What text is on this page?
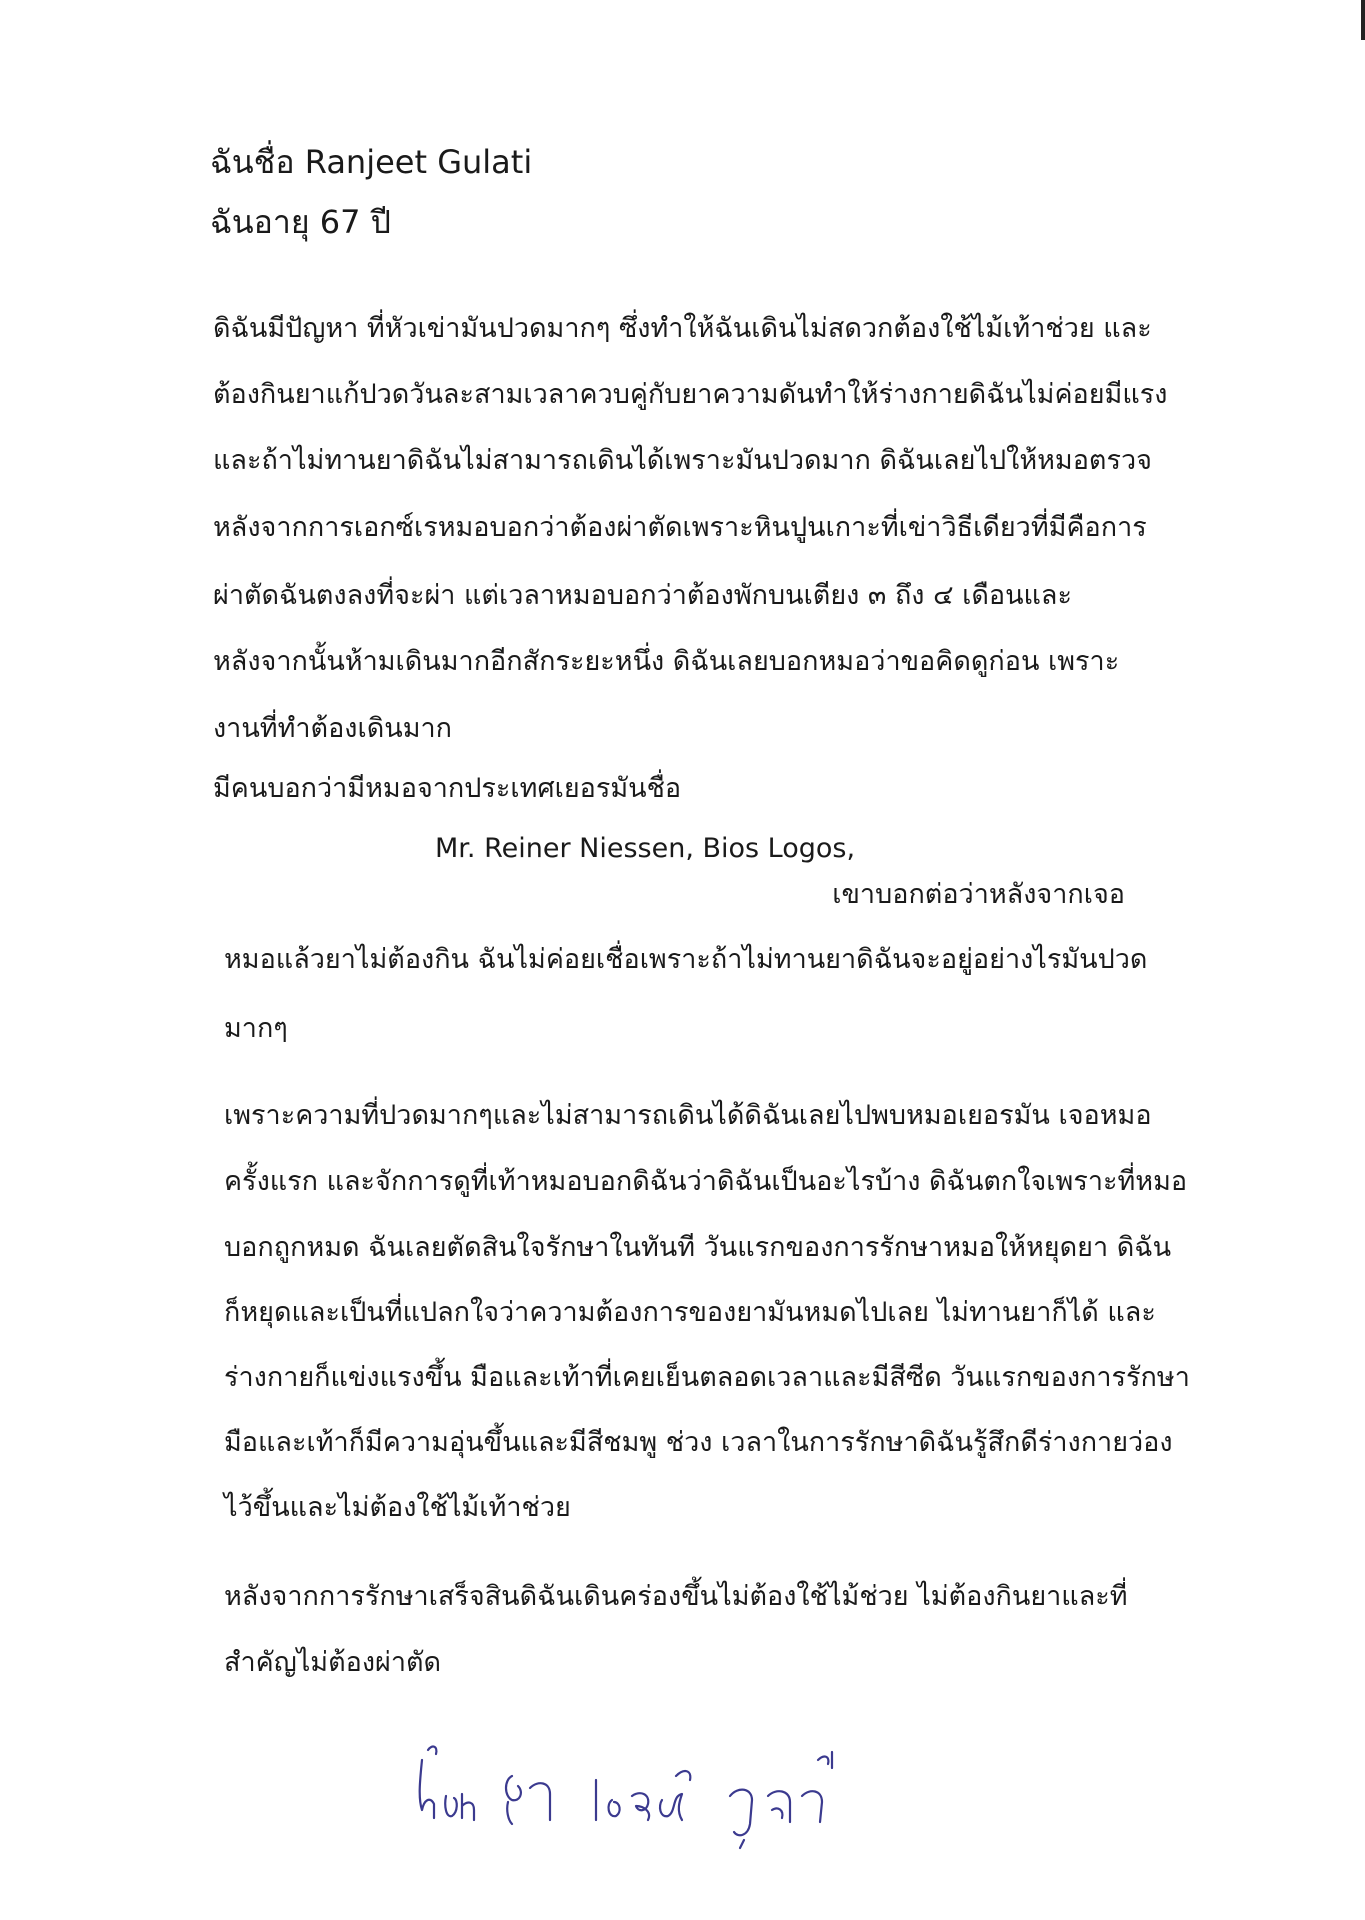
ฉันชื่อ Ranjeet Gulati
ฉันอายุ 67 ปี
ดิฉันมีปัญหา ที่หัวเข่ามันปวดมากๆ ซึ่งทำให้ฉันเดินไม่สดวกต้องใช้ไม้เท้าช่วย และ
ต้องกินยาแก้ปวดวันละสามเวลาควบคู่กับยาความดันทำให้ร่างกายดิฉันไม่ค่อยมีแรง
และถ้าไม่ทานยาดิฉันไม่สามารถเดินได้เพราะมันปวดมาก ดิฉันเลยไปให้หมอตรวจ
หลังจากการเอกซ์เรหมอบอกว่าต้องผ่าตัดเพราะหินปูนเกาะที่เข่าวิธีเดียวที่มีคือการ
ผ่าตัดฉันตงลงที่จะผ่า แต่เวลาหมอบอกว่าต้องพักบนเตียง ๓ ถึง ๔ เดือนและ
หลังจากนั้นห้ามเดินมากอีกสักระยะหนึ่ง ดิฉันเลยบอกหมอว่าขอคิดดูก่อน เพราะ
งานที่ทำต้องเดินมาก
มีคนบอกว่ามีหมอจากประเทศเยอรมันชื่อ
Mr. Reiner Niessen, Bios Logos,
เขาบอกต่อว่าหลังจากเจอ
หมอแล้วยาไม่ต้องกิน ฉันไม่ค่อยเชื่อเพราะถ้าไม่ทานยาดิฉันจะอยู่อย่างไรมันปวด
มากๆ
เพราะความที่ปวดมากๆและไม่สามารถเดินได้ดิฉันเลยไปพบหมอเยอรมัน เจอหมอ
ครั้งแรก และจักการดูที่เท้าหมอบอกดิฉันว่าดิฉันเป็นอะไรบ้าง ดิฉันตกใจเพราะที่หมอ
บอกถูกหมด ฉันเลยตัดสินใจรักษาในทันที วันแรกของการรักษาหมอให้หยุดยา ดิฉัน
ก็หยุดและเป็นที่แปลกใจว่าความต้องการของยามันหมดไปเลย ไม่ทานยาก็ได้ และ
ร่างกายก็แข่งแรงขึ้น มือและเท้าที่เคยเย็นตลอดเวลาและมีสีซีด วันแรกของการรักษา
มือและเท้าก็มีความอุ่นขึ้นและมีสีชมพู ช่วง เวลาในการรักษาดิฉันรู้สึกดีร่างกายว่อง
ไว้ขึ้นและไม่ต้องใช้ไม้เท้าช่วย
หลังจากการรักษาเสร็จสินดิฉันเดินคร่องขึ้นไม่ต้องใช้ไม้ช่วย ไม่ต้องกินยาและที่
สำคัญไม่ต้องผ่าตัด
